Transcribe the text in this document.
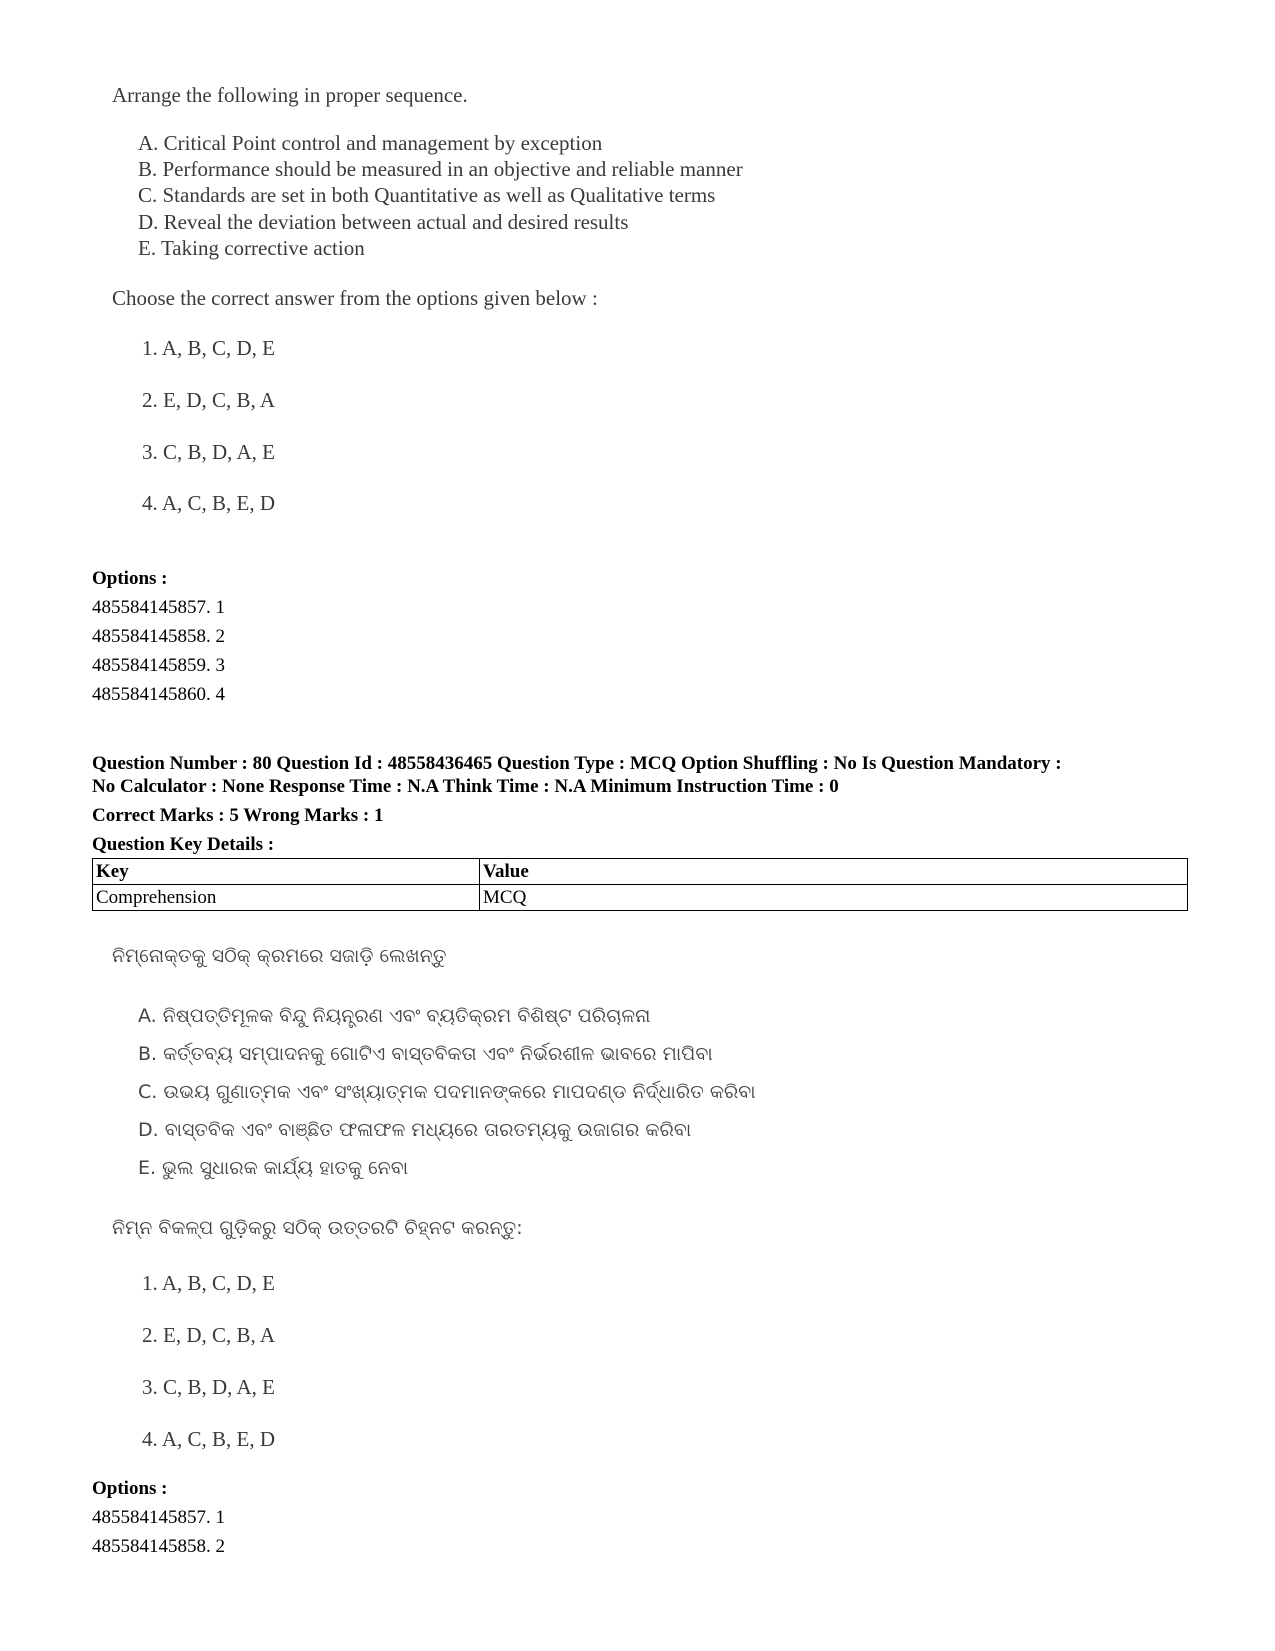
Arrange the following in proper sequence.
A. Critical Point control and management by exception
B. Performance should be measured in an objective and reliable manner
C. Standards are set in both Quantitative as well as Qualitative terms
D. Reveal the deviation between actual and desired results
E. Taking corrective action
Choose the correct answer from the options given below :
1. A, B, C, D, E
2. E, D, C, B, A
3. C, B, D, A, E
4. A, C, B, E, D
Options :
485584145857. 1
485584145858. 2
485584145859. 3
485584145860. 4
Question Number : 80 Question Id : 48558436465 Question Type : MCQ Option Shuffling : No Is Question Mandatory :
No Calculator : None Response Time : N.A Think Time : N.A Minimum Instruction Time : 0
Correct Marks : 5 Wrong Marks : 1
Question Key Details :
Key	Value
Comprehension	MCQ
ନିମ୍ନୋକ୍ତକୁ ସଠିକ୍ କ୍ରମରେ ସଜାଡ଼ି ଲେଖନ୍ତୁ
A. ନିଷ୍ପତ୍ତିମୂଳକ ବିନ୍ଦୁ ନିୟନ୍ତ୍ରଣ ଏବଂ ବ୍ୟତିକ୍ରମ ବିଶିଷ୍ଟ ପରିଚାଳନା
B. କର୍ତ୍ତବ୍ୟ ସମ୍ପାଦନକୁ ଗୋଟିଏ ବାସ୍ତବିକତା ଏବଂ ନିର୍ଭରଶୀଳ ଭାବରେ ମାପିବା
C. ଉଭୟ ଗୁଣାତ୍ମକ ଏବଂ ସଂଖ୍ୟାତ୍ମକ ପଦମାନଙ୍କରେ ମାପଦଣ୍ଡ ନିର୍ଦ୍ଧାରିତ କରିବା
D. ବାସ୍ତବିକ ଏବଂ ବାଞ୍ଛିତ ଫଳାଫଳ ମଧ୍ୟରେ ତାରତମ୍ୟକୁ ଉଜାଗର କରିବା
E. ଭୁଲ ସୁଧାରକ କାର୍ଯ୍ୟ ହାତକୁ ନେବା
ନିମ୍ନ ବିକଳ୍ପ ଗୁଡ଼ିକରୁ ସଠିକ୍ ଉତ୍ତରଟି ଚିହ୍ନଟ କରନ୍ତୁ:
1. A, B, C, D, E
2. E, D, C, B, A
3. C, B, D, A, E
4. A, C, B, E, D
Options :
485584145857. 1
485584145858. 2
